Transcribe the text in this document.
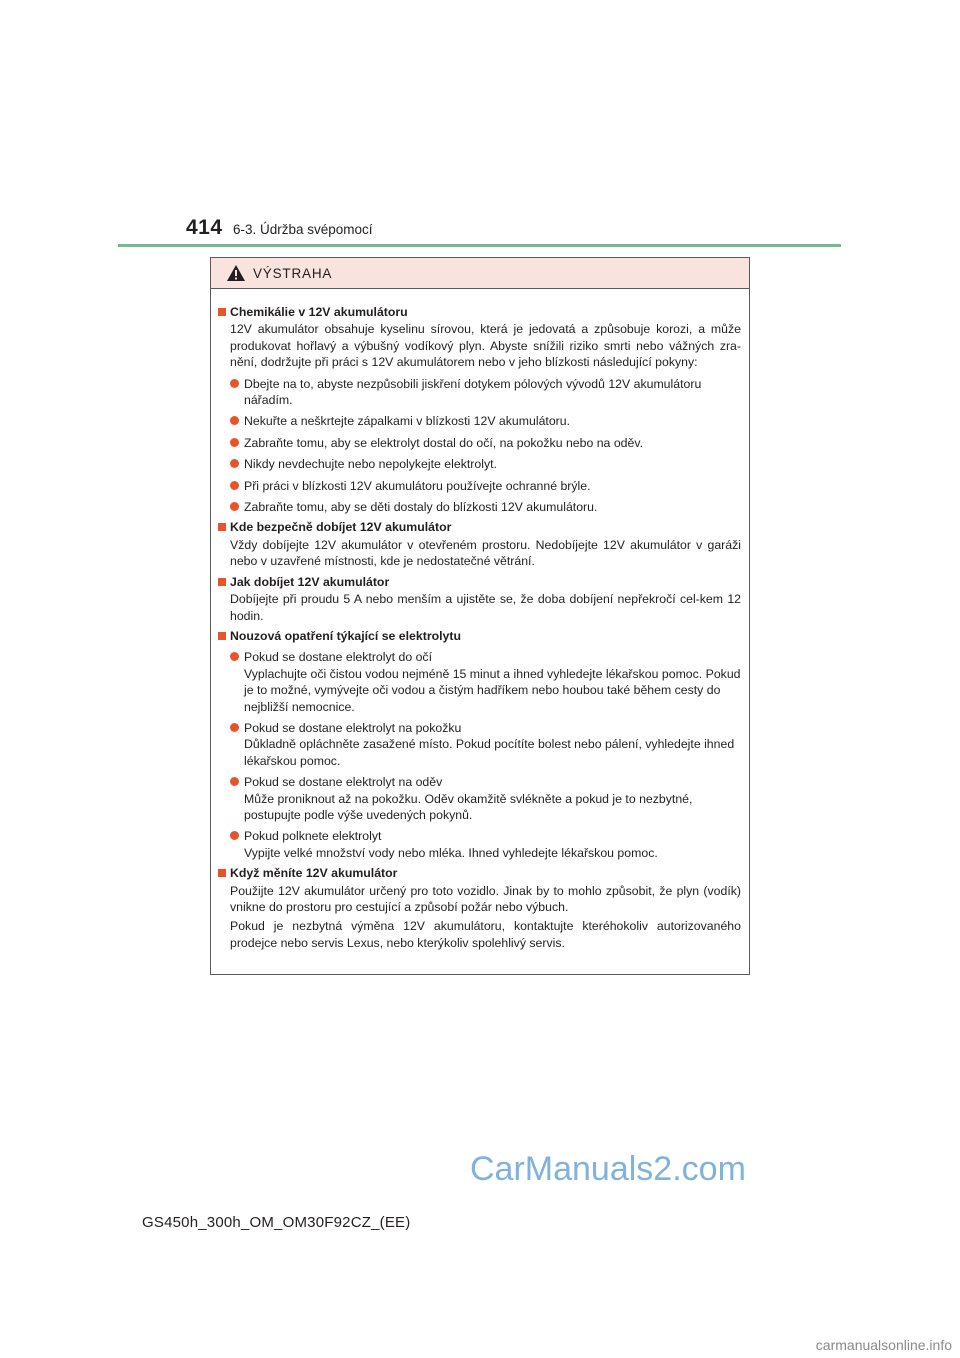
414 6-3. Údržba svépomocí
VÝSTRAHA
Chemikálie v 12V akumulátoru
12V akumulátor obsahuje kyselinu sírovou, která je jedovatá a způsobuje korozi, a může produkovat hořlavý a výbušný vodíkový plyn. Abyste snížili riziko smrti nebo vážných zra-nění, dodržujte při práci s 12V akumulátorem nebo v jeho blízkosti následující pokyny:
Dbejte na to, abyste nezpůsobili jiskření dotykem pólových vývodů 12V akumulátoru nářadím.
Nekuřte a neškrtejte zápalkami v blízkosti 12V akumulátoru.
Zabraňte tomu, aby se elektrolyt dostal do očí, na pokožku nebo na oděv.
Nikdy nevdechujte nebo nepolykejte elektrolyt.
Při práci v blízkosti 12V akumulátoru používejte ochranné brýle.
Zabraňte tomu, aby se děti dostaly do blízkosti 12V akumulátoru.
Kde bezpečně dobíjet 12V akumulátor
Vždy dobíjejte 12V akumulátor v otevřeném prostoru. Nedobíjejte 12V akumulátor v garáži nebo v uzavřené místnosti, kde je nedostatečné větrání.
Jak dobíjet 12V akumulátor
Dobíjejte při proudu 5 A nebo menším a ujistěte se, že doba dobíjení nepřekročí cel-kem 12 hodin.
Nouzová opatření týkající se elektrolytu
Pokud se dostane elektrolyt do očí
Vyplachujte oči čistou vodou nejméně 15 minut a ihned vyhledejte lékařskou pomoc. Pokud je to možné, vymývejte oči vodou a čistým hadříkem nebo houbou také během cesty do nejbližší nemocnice.
Pokud se dostane elektrolyt na pokožku
Důkladně opláchněte zasažené místo. Pokud pocítíte bolest nebo pálení, vyhledejte ihned lékařskou pomoc.
Pokud se dostane elektrolyt na oděv
Může proniknout až na pokožku. Oděv okamžitě svlékněte a pokud je to nezbytné, postupujte podle výše uvedených pokynů.
Pokud polknete elektrolyt
Vypijte velké množství vody nebo mléka. Ihned vyhledejte lékařskou pomoc.
Když měníte 12V akumulátor
Použijte 12V akumulátor určený pro toto vozidlo. Jinak by to mohlo způsobit, že plyn (vodík) vnikne do prostoru pro cestující a způsobí požár nebo výbuch.
Pokud je nezbytná výměna 12V akumulátoru, kontaktujte kteréhokoliv autorizovaného prodejce nebo servis Lexus, nebo kterýkoliv spolehlivý servis.
CarManuals2.com
GS450h_300h_OM_OM30F92CZ_(EE)
carmanualsonline.info
